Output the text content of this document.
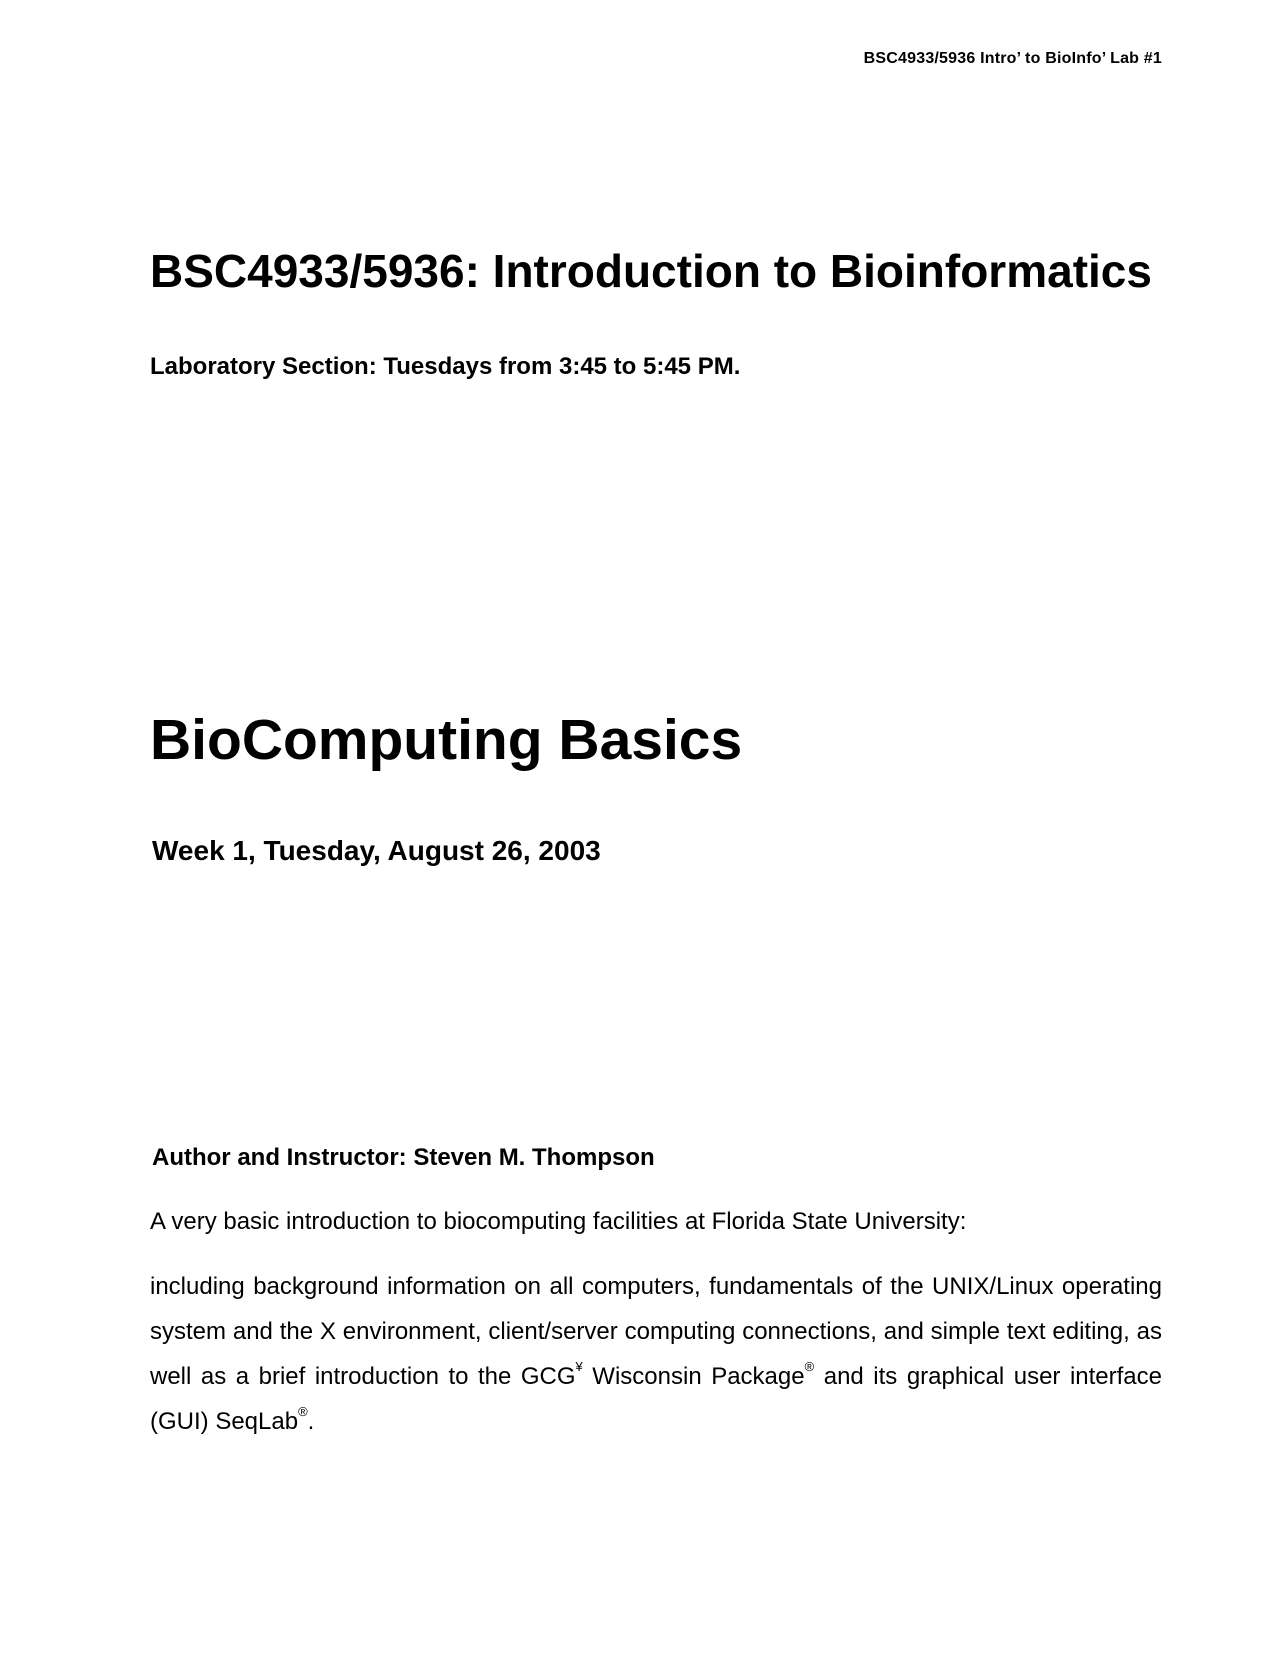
BSC4933/5936 Intro’ to BioInfo’ Lab #1
BSC4933/5936: Introduction to Bioinformatics

Laboratory Section: Tuesdays from 3:45 to 5:45 PM.

BioComputing Basics

Week 1, Tuesday, August 26, 2003

Author and Instructor: Steven M. Thompson

A very basic introduction to biocomputing facilities at Florida State University:

including background information on all computers, fundamentals of the UNIX/Linux operating system and the X environment, client/server computing connections, and simple text editing, as well as a brief introduction to the GCG¥ Wisconsin Package® and its graphical user interface (GUI) SeqLab®.
